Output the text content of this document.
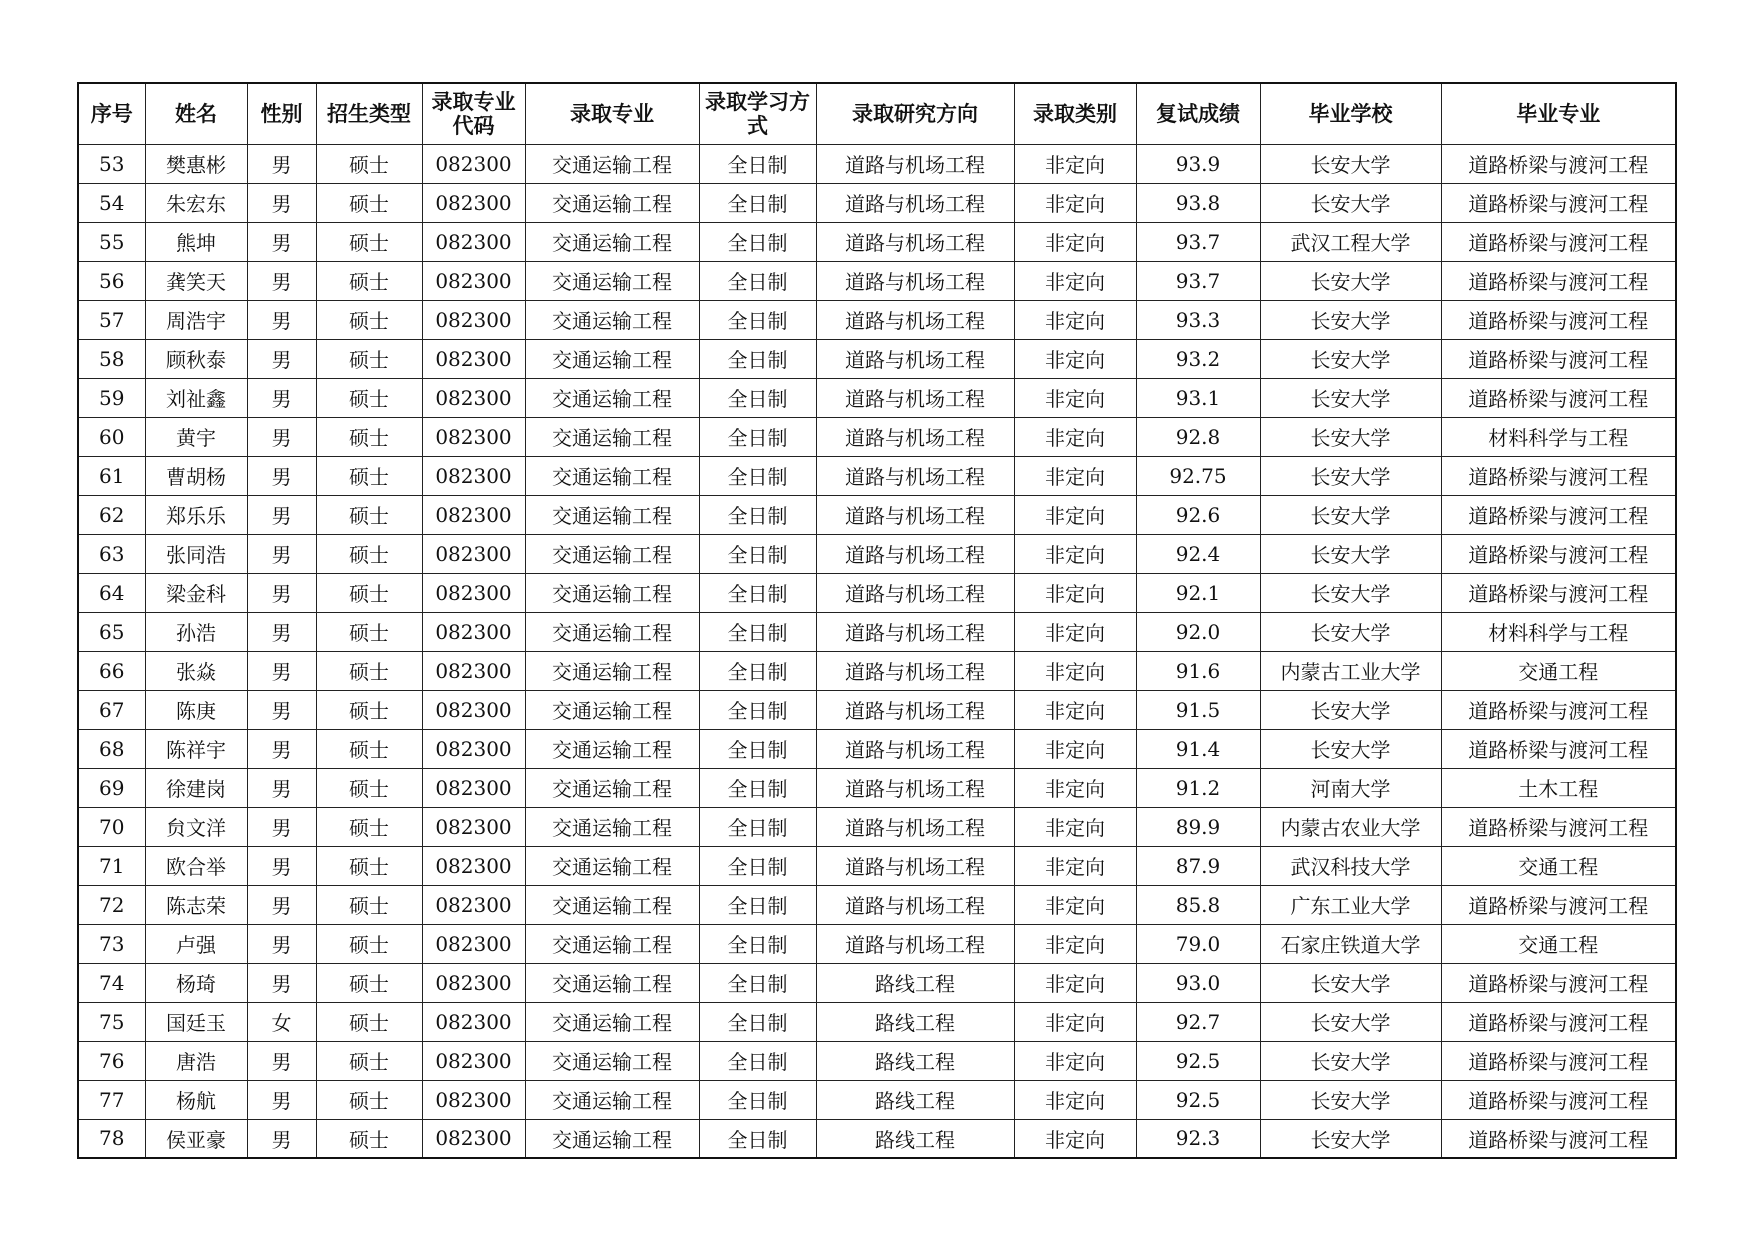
序号	姓名	性别	招生类型	录取专业代码	录取专业	录取学习方式	录取研究方向	录取类别	复试成绩	毕业学校	毕业专业
53	樊惠彬	男	硕士	082300	交通运输工程	全日制	道路与机场工程	非定向	93.9	长安大学	道路桥梁与渡河工程
54	朱宏东	男	硕士	082300	交通运输工程	全日制	道路与机场工程	非定向	93.8	长安大学	道路桥梁与渡河工程
55	熊坤	男	硕士	082300	交通运输工程	全日制	道路与机场工程	非定向	93.7	武汉工程大学	道路桥梁与渡河工程
56	龚笑天	男	硕士	082300	交通运输工程	全日制	道路与机场工程	非定向	93.7	长安大学	道路桥梁与渡河工程
57	周浩宇	男	硕士	082300	交通运输工程	全日制	道路与机场工程	非定向	93.3	长安大学	道路桥梁与渡河工程
58	顾秋泰	男	硕士	082300	交通运输工程	全日制	道路与机场工程	非定向	93.2	长安大学	道路桥梁与渡河工程
59	刘祉鑫	男	硕士	082300	交通运输工程	全日制	道路与机场工程	非定向	93.1	长安大学	道路桥梁与渡河工程
60	黄宇	男	硕士	082300	交通运输工程	全日制	道路与机场工程	非定向	92.8	长安大学	材料科学与工程
61	曹胡杨	男	硕士	082300	交通运输工程	全日制	道路与机场工程	非定向	92.75	长安大学	道路桥梁与渡河工程
62	郑乐乐	男	硕士	082300	交通运输工程	全日制	道路与机场工程	非定向	92.6	长安大学	道路桥梁与渡河工程
63	张同浩	男	硕士	082300	交通运输工程	全日制	道路与机场工程	非定向	92.4	长安大学	道路桥梁与渡河工程
64	梁金科	男	硕士	082300	交通运输工程	全日制	道路与机场工程	非定向	92.1	长安大学	道路桥梁与渡河工程
65	孙浩	男	硕士	082300	交通运输工程	全日制	道路与机场工程	非定向	92.0	长安大学	材料科学与工程
66	张焱	男	硕士	082300	交通运输工程	全日制	道路与机场工程	非定向	91.6	内蒙古工业大学	交通工程
67	陈庚	男	硕士	082300	交通运输工程	全日制	道路与机场工程	非定向	91.5	长安大学	道路桥梁与渡河工程
68	陈祥宇	男	硕士	082300	交通运输工程	全日制	道路与机场工程	非定向	91.4	长安大学	道路桥梁与渡河工程
69	徐建岗	男	硕士	082300	交通运输工程	全日制	道路与机场工程	非定向	91.2	河南大学	土木工程
70	贠文洋	男	硕士	082300	交通运输工程	全日制	道路与机场工程	非定向	89.9	内蒙古农业大学	道路桥梁与渡河工程
71	欧合举	男	硕士	082300	交通运输工程	全日制	道路与机场工程	非定向	87.9	武汉科技大学	交通工程
72	陈志荣	男	硕士	082300	交通运输工程	全日制	道路与机场工程	非定向	85.8	广东工业大学	道路桥梁与渡河工程
73	卢强	男	硕士	082300	交通运输工程	全日制	道路与机场工程	非定向	79.0	石家庄铁道大学	交通工程
74	杨琦	男	硕士	082300	交通运输工程	全日制	路线工程	非定向	93.0	长安大学	道路桥梁与渡河工程
75	国廷玉	女	硕士	082300	交通运输工程	全日制	路线工程	非定向	92.7	长安大学	道路桥梁与渡河工程
76	唐浩	男	硕士	082300	交通运输工程	全日制	路线工程	非定向	92.5	长安大学	道路桥梁与渡河工程
77	杨航	男	硕士	082300	交通运输工程	全日制	路线工程	非定向	92.5	长安大学	道路桥梁与渡河工程
78	侯亚豪	男	硕士	082300	交通运输工程	全日制	路线工程	非定向	92.3	长安大学	道路桥梁与渡河工程
